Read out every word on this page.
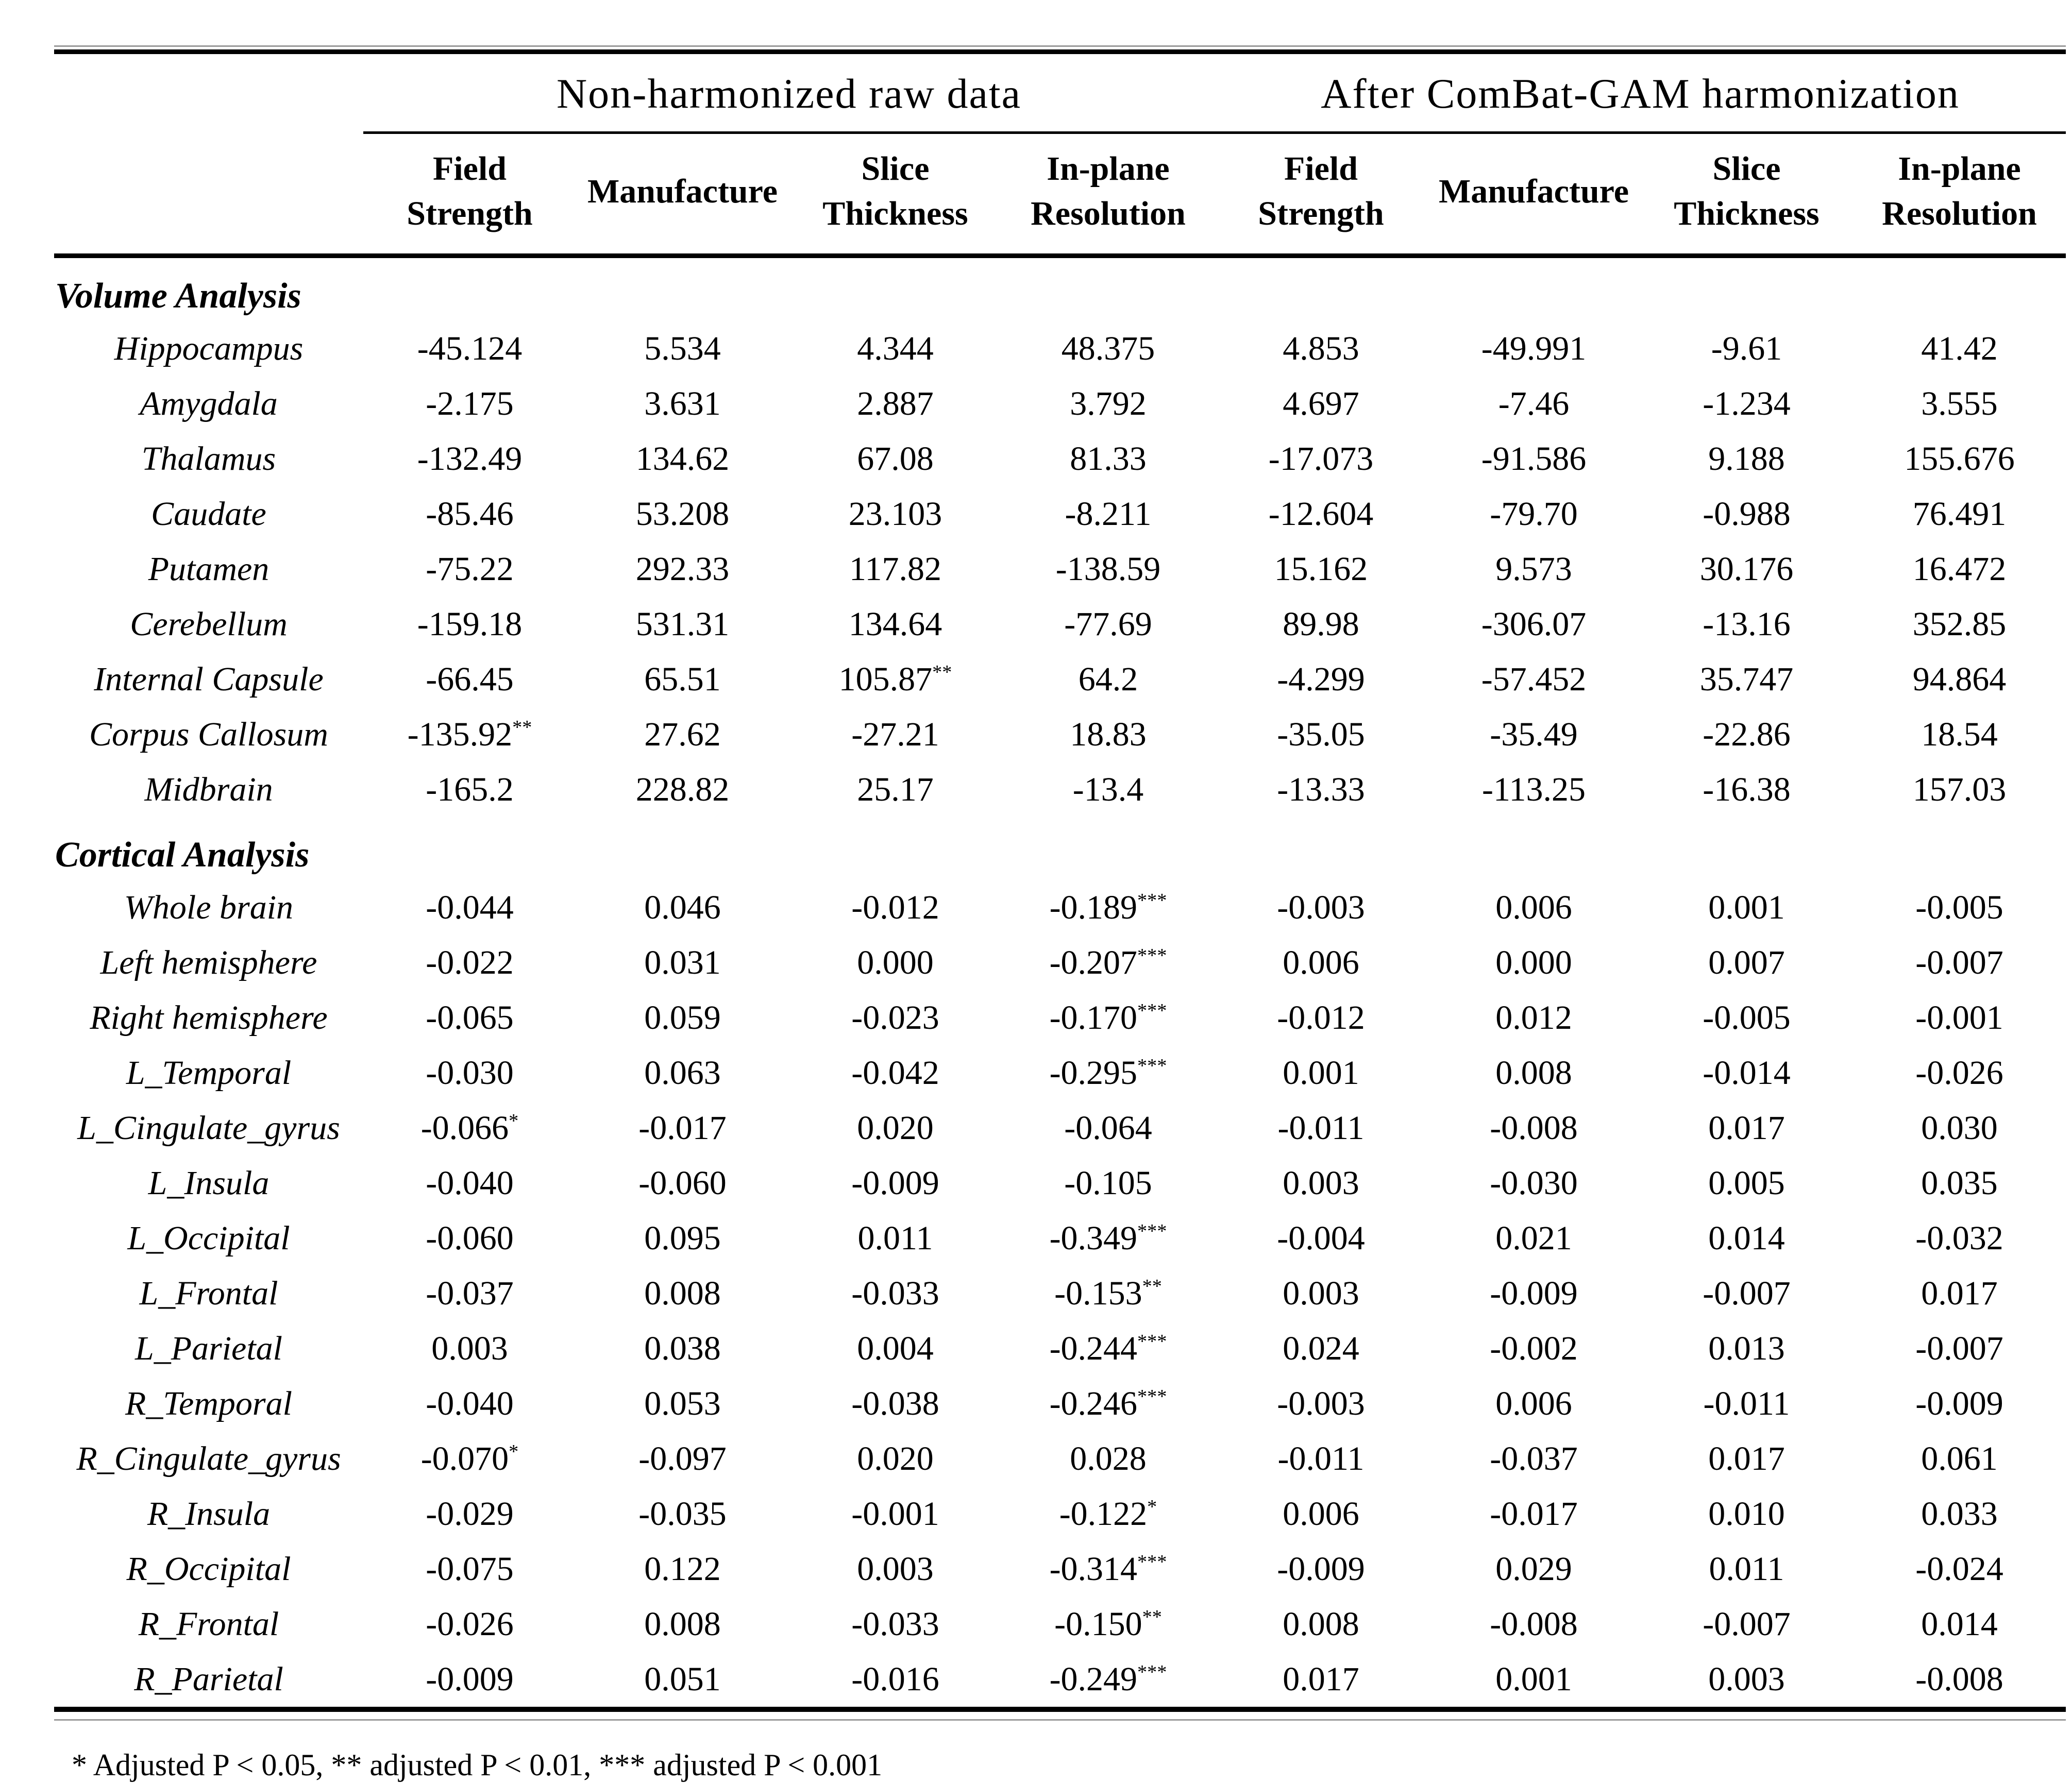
	Non-harmonized raw data				After ComBat-GAM harmonization			
	Field Strength	Manufacture	Slice Thickness	In-plane Resolution	Field Strength	Manufacture	Slice Thickness	In-plane Resolution
Volume Analysis								
Hippocampus	-45.124	5.534	4.344	48.375	4.853	-49.991	-9.61	41.42
Amygdala	-2.175	3.631	2.887	3.792	4.697	-7.46	-1.234	3.555
Thalamus	-132.49	134.62	67.08	81.33	-17.073	-91.586	9.188	155.676
Caudate	-85.46	53.208	23.103	-8.211	-12.604	-79.70	-0.988	76.491
Putamen	-75.22	292.33	117.82	-138.59	15.162	9.573	30.176	16.472
Cerebellum	-159.18	531.31	134.64	-77.69	89.98	-306.07	-13.16	352.85
Internal Capsule	-66.45	65.51	105.87**	64.2	-4.299	-57.452	35.747	94.864
Corpus Callosum	-135.92**	27.62	-27.21	18.83	-35.05	-35.49	-22.86	18.54
Midbrain	-165.2	228.82	25.17	-13.4	-13.33	-113.25	-16.38	157.03
Cortical Analysis								
Whole brain	-0.044	0.046	-0.012	-0.189***	-0.003	0.006	0.001	-0.005
Left hemisphere	-0.022	0.031	0.000	-0.207***	0.006	0.000	0.007	-0.007
Right hemisphere	-0.065	0.059	-0.023	-0.170***	-0.012	0.012	-0.005	-0.001
L_Temporal	-0.030	0.063	-0.042	-0.295***	0.001	0.008	-0.014	-0.026
L_Cingulate_gyrus	-0.066*	-0.017	0.020	-0.064	-0.011	-0.008	0.017	0.030
L_Insula	-0.040	-0.060	-0.009	-0.105	0.003	-0.030	0.005	0.035
L_Occipital	-0.060	0.095	0.011	-0.349***	-0.004	0.021	0.014	-0.032
L_Frontal	-0.037	0.008	-0.033	-0.153**	0.003	-0.009	-0.007	0.017
L_Parietal	0.003	0.038	0.004	-0.244***	0.024	-0.002	0.013	-0.007
R_Temporal	-0.040	0.053	-0.038	-0.246***	-0.003	0.006	-0.011	-0.009
R_Cingulate_gyrus	-0.070*	-0.097	0.020	0.028	-0.011	-0.037	0.017	0.061
R_Insula	-0.029	-0.035	-0.001	-0.122*	0.006	-0.017	0.010	0.033
R_Occipital	-0.075	0.122	0.003	-0.314***	-0.009	0.029	0.011	-0.024
R_Frontal	-0.026	0.008	-0.033	-0.150**	0.008	-0.008	-0.007	0.014
R_Parietal	-0.009	0.051	-0.016	-0.249***	0.017	0.001	0.003	-0.008
* Adjusted P < 0.05, ** adjusted P < 0.01, *** adjusted P < 0.001
